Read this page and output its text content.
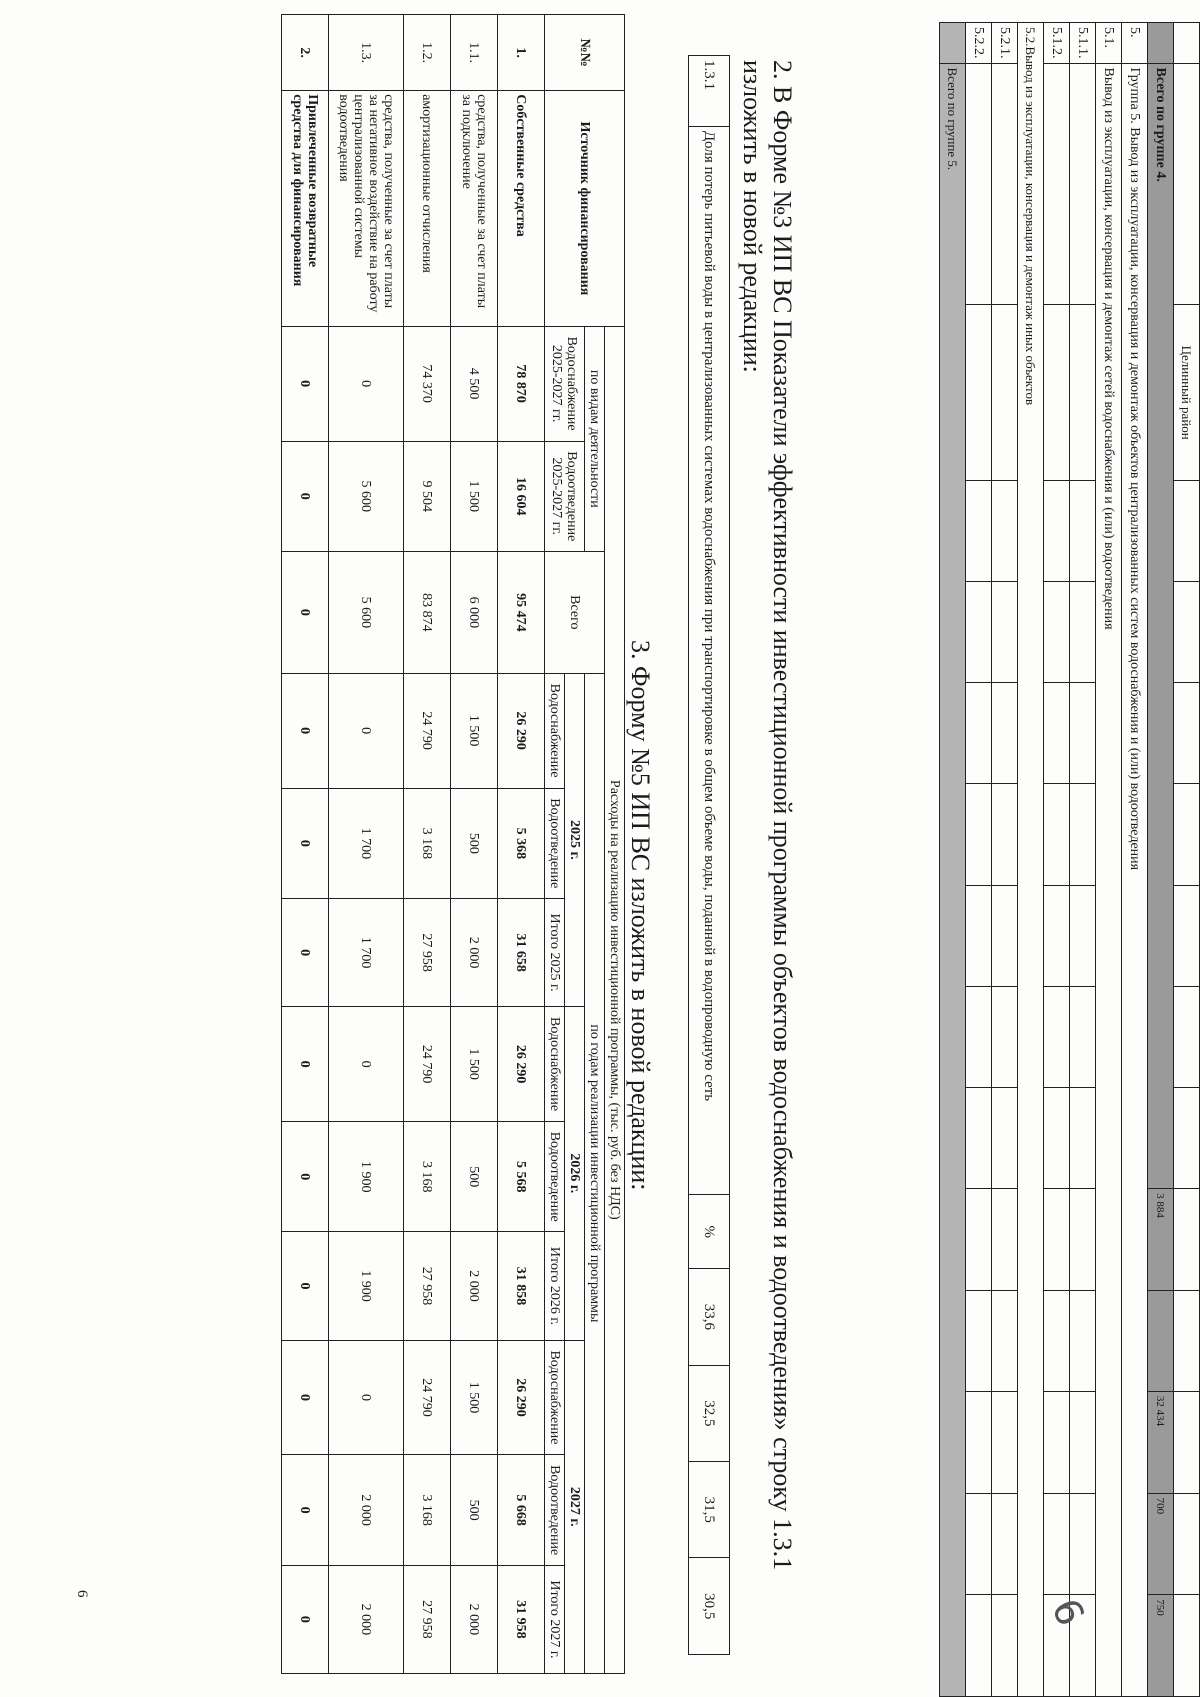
		Целинный район												
	Всего по группе 4.									3 884		32 434	700	750
5.	Группа 5. Вывод из эксплуатации, консервация и демонтаж объектов централизованных систем водоснабжения и (или) водоотведения													
5.1.	Вывод из эксплуатации, консервация и демонтаж сетей водоснабжения и (или) водоотведения													
5.1.1.														
5.1.2.														
5.2.Вывод из эксплуатации, консервация и демонтаж иных объектов														
5.2.1.														
5.2.2.														
	Всего по группе 5.													
2. В Форме №3 ИП ВС Показатели эффективности инвестиционной программы объектов водоснабжения и водоотведения» строку 1.3.1 изложить в новой редакции:
1.3.1	Доля потерь питьевой воды в централизованных системах водоснабжения при транспортировке в общем объеме воды, поданной в водопроводную сеть	%	33,6	32,5	31,5	30,5
3. Форму №5 ИП ВС изложить в новой редакции:
№№	Источник финансирования	Расходы на реализацию инвестиционной программы, (тыс. руб. без НДС)											
		по видам деятельности		Всего	по годам реализации инвестиционной программы								
		Водоснабжение 2025-2027 гг.	Водоотведение 2025-2027 гг.		2025 г.			2026 г.			2027 г.		
					Водоснабжение	Водоотведение	Итого 2025 г.	Водоснабжение	Водоотведение	Итого 2026 г.	Водоснабжение	Водоотведение	Итого 2027 г.
1.	Собственные средства	78 870	16 604	95 474	26 290	5 368	31 658	26 290	5 568	31 858	26 290	5 668	31 958
1.1.	средства, полученные за счет платы за подключение	4 500	1 500	6 000	1 500	500	2 000	1 500	500	2 000	1 500	500	2 000
1.2.	амортизационные отчисления	74 370	9 504	83 874	24 790	3 168	27 958	24 790	3 168	27 958	24 790	3 168	27 958
1.3.	средства, полученные за счет платы за негативное воздействие на работу централизованной системы водоотведения	0	5 600	5 600	0	1 700	1 700	0	1 900	1 900	0	2 000	2 000
2.	Привлеченные возвратные средства для финансирования	0	0	0	0	0	0	0	0	0	0	0	0
6	6
